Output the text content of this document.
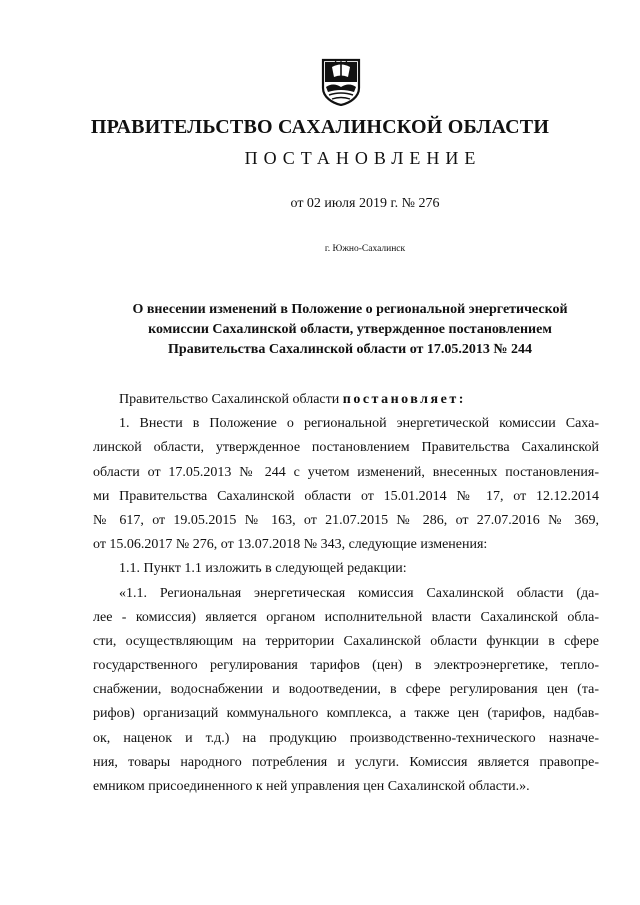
ПРАВИТЕЛЬСТВО САХАЛИНСКОЙ ОБЛАСТИ
ПОСТАНОВЛЕНИЕ
от 02 июля 2019 г. № 276
г. Южно-Сахалинск
О внесении изменений в Положение о региональной энергетической
комиссии Сахалинской области, утвержденное постановлением
Правительства Сахалинской области от 17.05.2013 № 244
Правительство Сахалинской области постановляет:
1. Внести в Положение о региональной энергетической комиссии Саха-
линской области, утвержденное постановлением Правительства Сахалинской
области от 17.05.2013 № 244 с учетом изменений, внесенных постановления-
ми Правительства Сахалинской области от 15.01.2014 № 17, от 12.12.2014
№ 617, от 19.05.2015 № 163, от 21.07.2015 № 286, от 27.07.2016 № 369,
от 15.06.2017 № 276, от 13.07.2018 № 343, следующие изменения:
1.1. Пункт 1.1 изложить в следующей редакции:
«1.1. Региональная энергетическая комиссия Сахалинской области (да-
лее - комиссия) является органом исполнительной власти Сахалинской обла-
сти, осуществляющим на территории Сахалинской области функции в сфере
государственного регулирования тарифов (цен) в электроэнергетике, тепло-
снабжении, водоснабжении и водоотведении, в сфере регулирования цен (та-
рифов) организаций коммунального комплекса, а также цен (тарифов, надбав-
ок, наценок и т.д.) на продукцию производственно-технического назначе-
ния, товары народного потребления и услуги. Комиссия является правопре-
емником присоединенного к ней управления цен Сахалинской области.».
